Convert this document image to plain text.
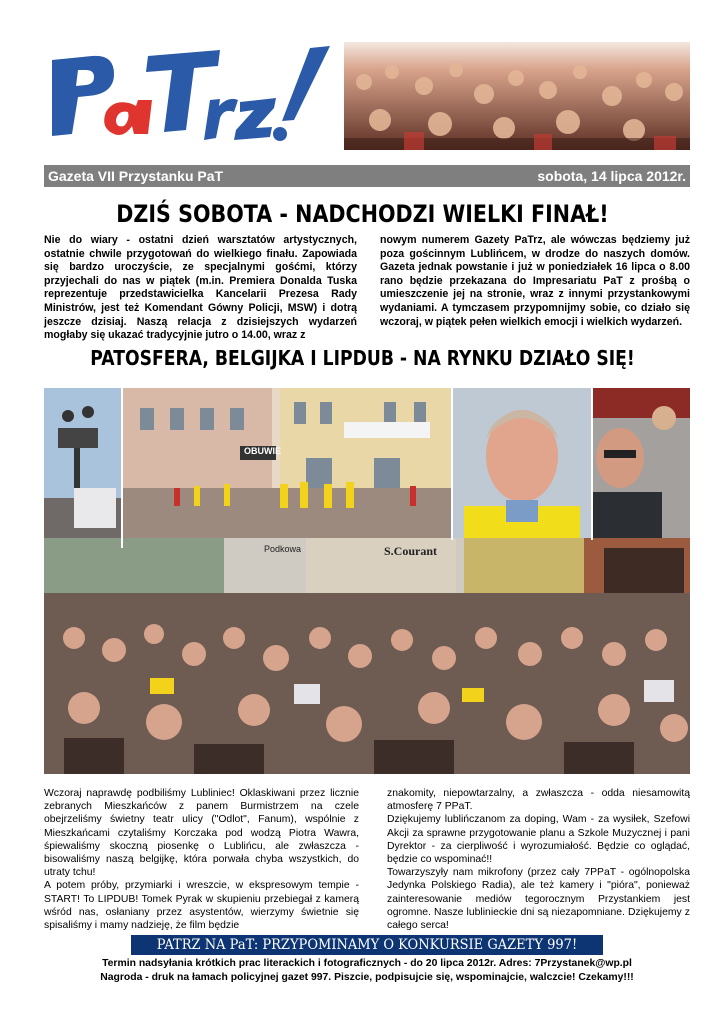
Gazeta VII Przystanku PaT	sobota, 14 lipca 2012r.
DZIŚ SOBOTA - NADCHODZI WIELKI FINAŁ!
Nie do wiary - ostatni dzień warsztatów artystycznych, ostatnie chwile przygotowań do wielkiego finału. Zapowiada się bardzo uroczyście, ze specjalnymi gośćmi, którzy przyjechali do nas w piątek (m.in. Premiera Donalda Tuska reprezentuje przedstawicielka Kancelarii Prezesa Rady Ministrów, jest też Komendant Gówny Policji, MSW) i dotrą jeszcze dzisiaj. Naszą relacja z dzisiejszych wydarzeń mogłaby się ukazać tradycyjnie jutro o 14.00, wraz z
nowym numerem Gazety PaTrz, ale wówczas będziemy już poza gościnnym Lublińcem, w drodze do naszych domów. Gazeta jednak powstanie i już w poniedziałek 16 lipca o 8.00 rano będzie przekazana do Impresariatu PaT z prośbą o umieszczenie jej na stronie, wraz z innymi przystankowymi wydaniami. A tymczasem przypomnijmy sobie, co działo się wczoraj, w piątek pełen wielkich emocji i wielkich wydarzeń.
PATOSFERA, BELGIJKA I LIPDUB - NA RYNKU DZIAŁO SIĘ!
OBUWIE
Podkowa	S.Courant
Wczoraj naprawdę podbiliśmy Lubliniec! Oklaskiwani przez licznie zebranych Mieszkańców z panem Burmistrzem na czele obejrzeliśmy świetny teatr ulicy ("Odlot", Fanum), wspólnie z Mieszkańcami czytaliśmy Korczaka pod wodzą Piotra Wawra, śpiewaliśmy skoczną piosenkę o Lublińcu, ale zwłaszcza - bisowaliśmy naszą belgijkę, która porwała chyba wszystkich, do utraty tchu!
A potem próby, przymiarki i wreszcie, w ekspresowym tempie - START! To LIPDUB! Tomek Pyrak w skupieniu przebiegał z kamerą wśród nas, osłaniany przez asystentów, wierzymy świetnie się spisaliśmy i mamy nadzieję, że film będzie
znakomity, niepowtarzalny, a zwłaszcza - odda niesamowitą atmosferę 7 PPaT.
Dziękujemy lublińczanom za doping, Wam - za wysiłek, Szefowi Akcji za sprawne przygotowanie planu a Szkole Muzycznej i pani Dyrektor - za cierpliwość i wyrozumiałość. Będzie co oglądać, będzie co wspominać!!
Towarzyszyły nam mikrofony (przez cały 7PPaT - ogólnopolska Jedynka Polskiego Radia), ale też kamery i "pióra", ponieważ zainteresowanie mediów tegorocznym Przystankiem jest ogromne. Nasze lublinieckie dni są niezapomniane. Dziękujemy z całego serca!
PATRZ NA PaT: PRZYPOMINAMY O KONKURSIE GAZETY 997!
Termin nadsyłania krótkich prac literackich i fotograficznych - do 20 lipca 2012r. Adres: 7Przystanek@wp.pl
Nagroda - druk na łamach policyjnej gazet 997. Piszcie, podpisujcie się, wspominajcie, walczcie! Czekamy!!!
